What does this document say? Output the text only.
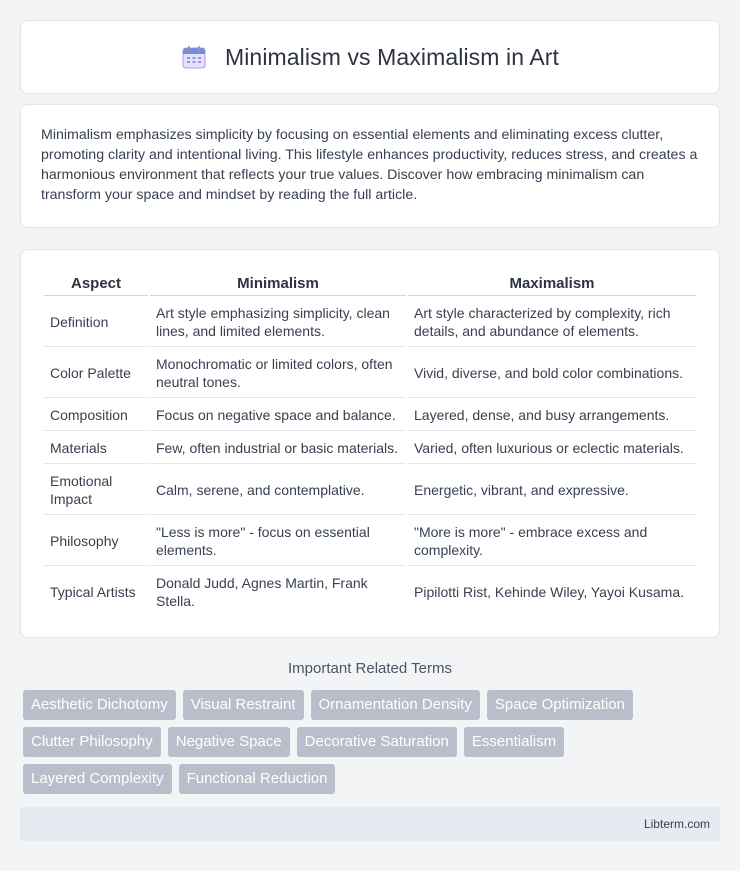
Minimalism vs Maximalism in Art

Minimalism emphasizes simplicity by focusing on essential elements and eliminating excess clutter, promoting clarity and intentional living. This lifestyle enhances productivity, reduces stress, and creates a harmonious environment that reflects your true values. Discover how embracing minimalism can transform your space and mindset by reading the full article.

Aspect	Minimalism	Maximalism
Definition	Art style emphasizing simplicity, clean lines, and limited elements.	Art style characterized by complexity, rich details, and abundance of elements.
Color Palette	Monochromatic or limited colors, often neutral tones.	Vivid, diverse, and bold color combinations.
Composition	Focus on negative space and balance.	Layered, dense, and busy arrangements.
Materials	Few, often industrial or basic materials.	Varied, often luxurious or eclectic materials.
Emotional Impact	Calm, serene, and contemplative.	Energetic, vibrant, and expressive.
Philosophy	"Less is more" - focus on essential elements.	"More is more" - embrace excess and complexity.
Typical Artists	Donald Judd, Agnes Martin, Frank Stella.	Pipilotti Rist, Kehinde Wiley, Yayoi Kusama.
Important Related Terms
Aesthetic Dichotomy	Visual Restraint	Ornamentation Density	Space Optimization
Clutter Philosophy	Negative Space	Decorative Saturation	Essentialism
Layered Complexity	Functional Reduction
Libterm.com
